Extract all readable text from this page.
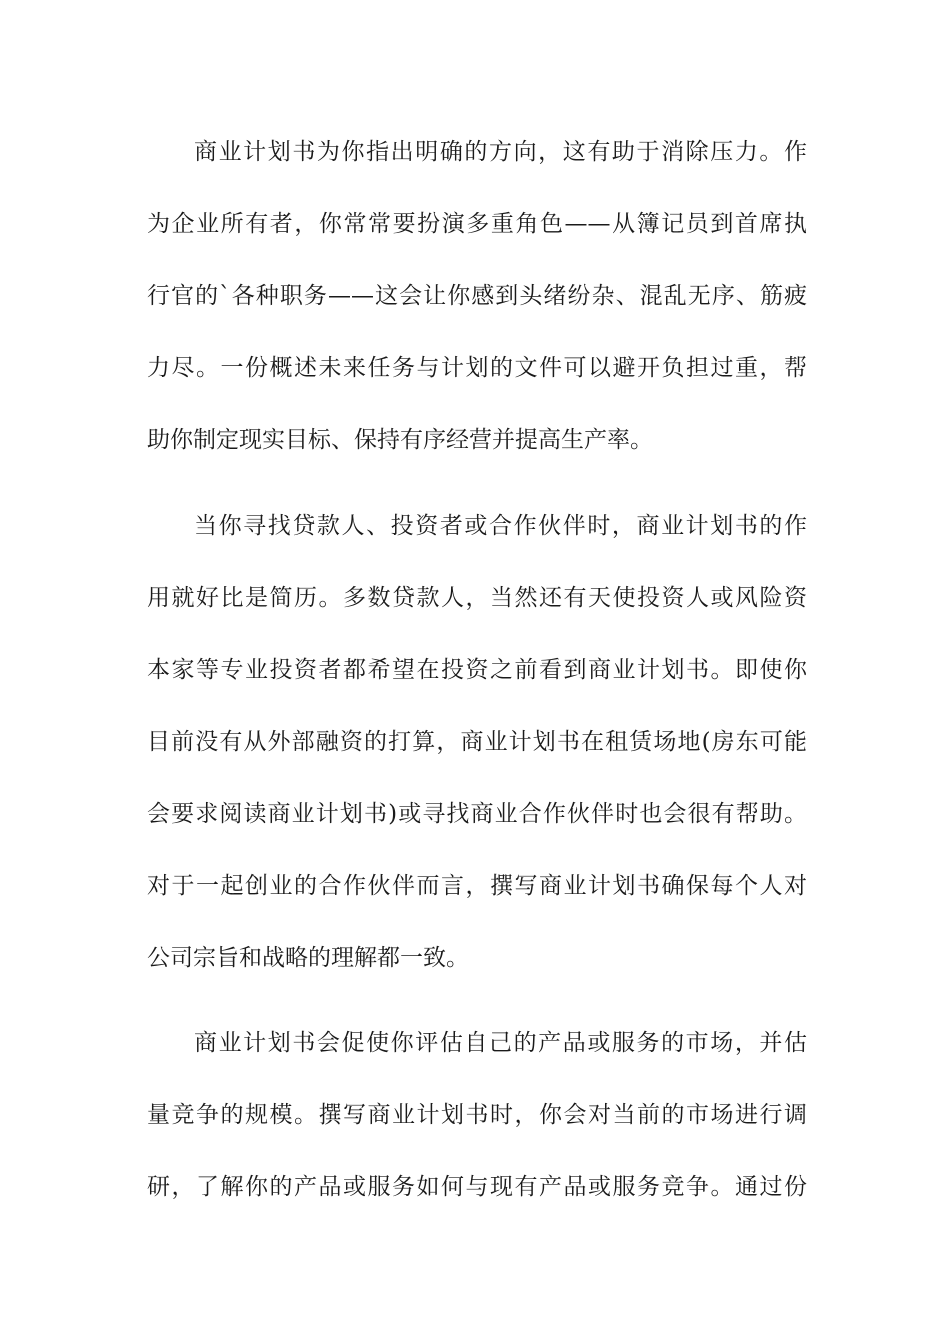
商业计划书为你指出明确的方向，这有助于消除压力。作
为企业所有者，你常常要扮演多重角色——从簿记员到首席执
行官的`各种职务——这会让你感到头绪纷杂、混乱无序、筋疲
力尽。一份概述未来任务与计划的文件可以避开负担过重，帮
助你制定现实目标、保持有序经营并提高生产率。
当你寻找贷款人、投资者或合作伙伴时，商业计划书的作
用就好比是简历。多数贷款人，当然还有天使投资人或风险资
本家等专业投资者都希望在投资之前看到商业计划书。即使你
目前没有从外部融资的打算，商业计划书在租赁场地(房东可能
会要求阅读商业计划书)或寻找商业合作伙伴时也会很有帮助。
对于一起创业的合作伙伴而言，撰写商业计划书确保每个人对
公司宗旨和战略的理解都一致。
商业计划书会促使你评估自己的产品或服务的市场，并估
量竞争的规模。撰写商业计划书时，你会对当前的市场进行调
研，了解你的产品或服务如何与现有产品或服务竞争。通过份
